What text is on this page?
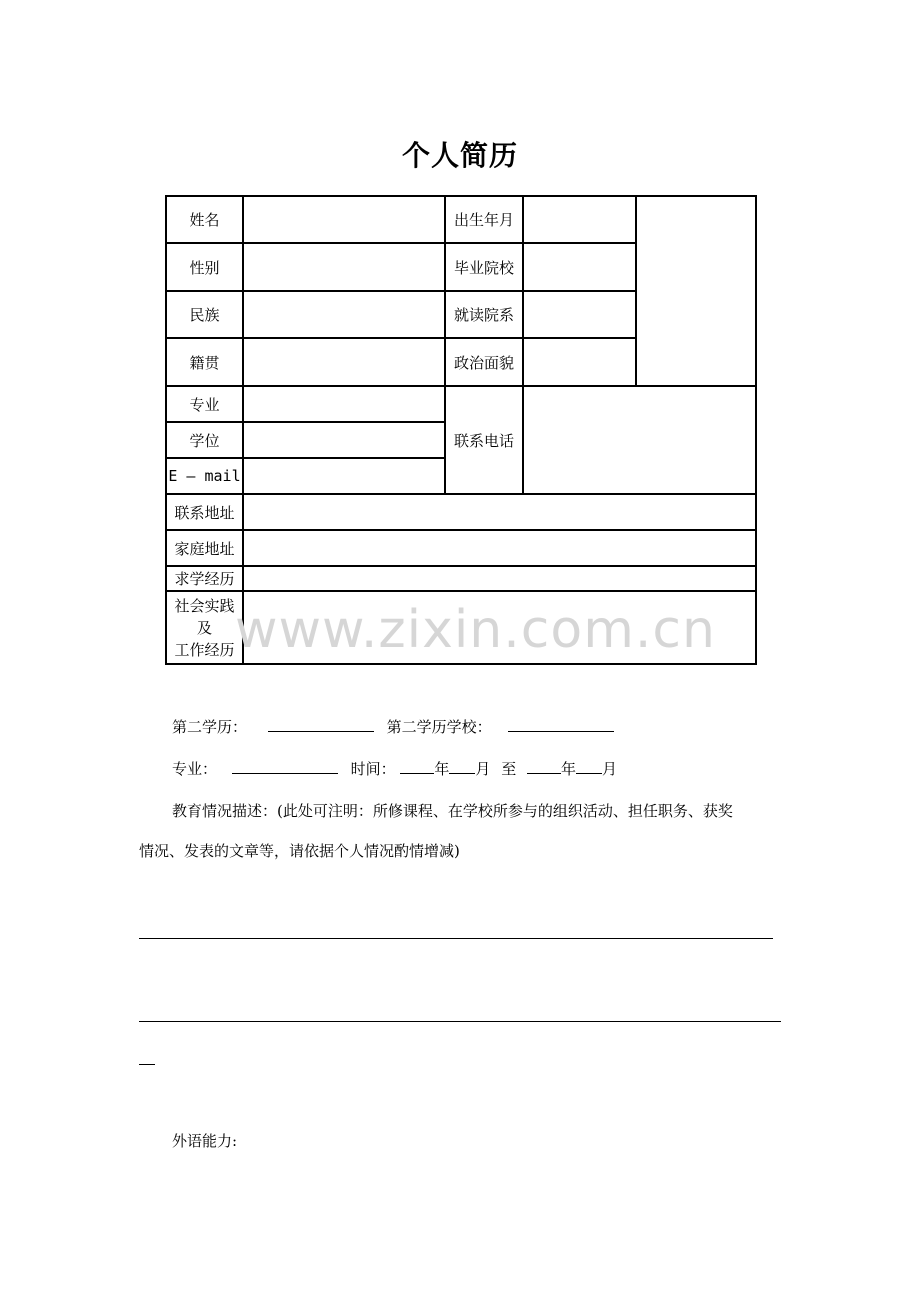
个人简历
姓名		出生年月		
性别		毕业院校		
民族		就读院系		
籍贯		政治面貌		
专业		联系电话		
学位				
E — mail				
联系地址				
家庭地址				
求学经历				

社会实践
及
工作经历				
	www.zixin.com.cn
第二学历：	第二学历学校：
专业：	时间：	年 月 至	年 月
教育情况描述：(此处可注明：所修课程、在学校所参与的组织活动、担任职务、获奖
情况、发表的文章等，请依据个人情况酌情增减)
外语能力:
